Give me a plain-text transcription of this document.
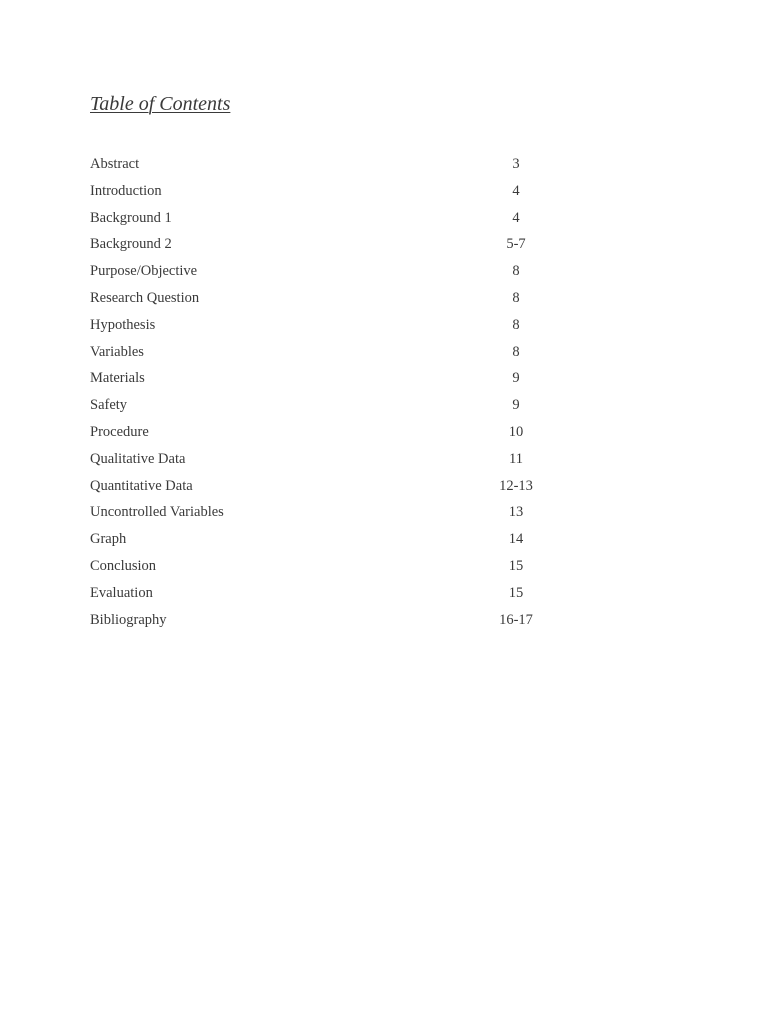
Table of Contents
Abstract	3
Introduction	4
Background 1	4
Background 2	5-7
Purpose/Objective	8
Research Question	8
Hypothesis	8
Variables	8
Materials	9
Safety	9
Procedure	10
Qualitative Data	11
Quantitative Data	12-13
Uncontrolled Variables	13
Graph	14
Conclusion	15
Evaluation	15
Bibliography	16-17
